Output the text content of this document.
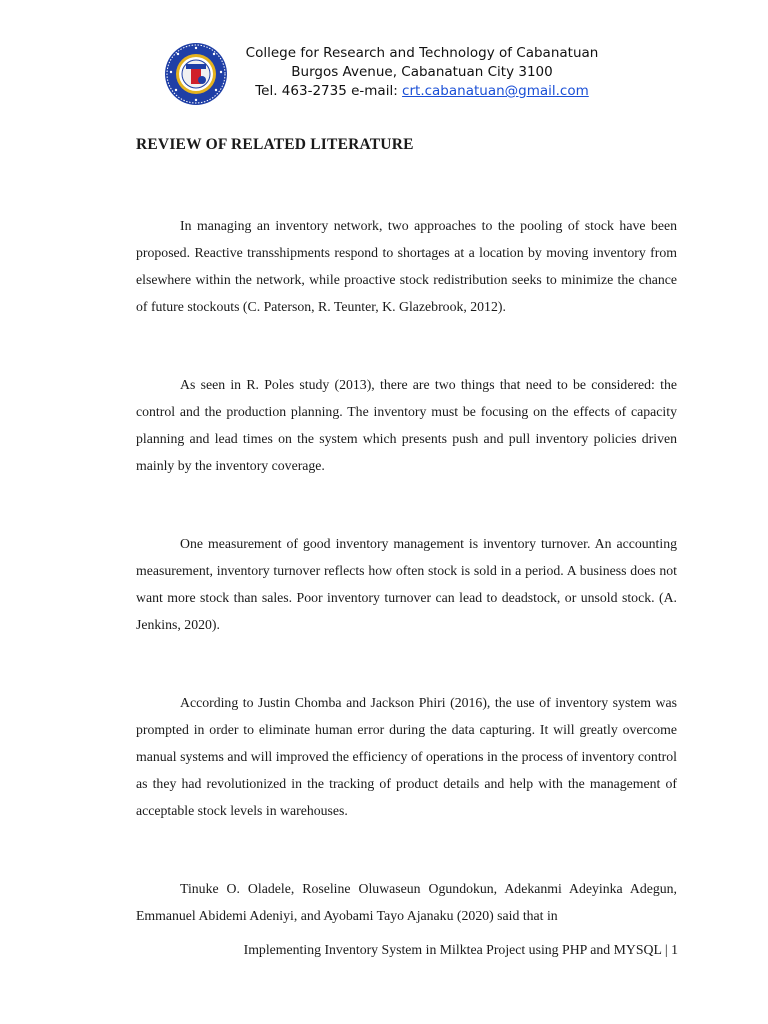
College for Research and Technology of Cabanatuan
Burgos Avenue, Cabanatuan City 3100
Tel. 463-2735 e-mail: crt.cabanatuan@gmail.com
REVIEW OF RELATED LITERATURE

In managing an inventory network, two approaches to the pooling of stock have been proposed. Reactive transshipments respond to shortages at a location by moving inventory from elsewhere within the network, while proactive stock redistribution seeks to minimize the chance of future stockouts (C. Paterson, R. Teunter, K. Glazebrook, 2012).

As seen in R. Poles study (2013), there are two things that need to be considered: the control and the production planning. The inventory must be focusing on the effects of capacity planning and lead times on the system which presents push and pull inventory policies driven mainly by the inventory coverage.

One measurement of good inventory management is inventory turnover. An accounting measurement, inventory turnover reflects how often stock is sold in a period. A business does not want more stock than sales. Poor inventory turnover can lead to deadstock, or unsold stock. (A. Jenkins, 2020).

According to Justin Chomba and Jackson Phiri (2016), the use of inventory system was prompted in order to eliminate human error during the data capturing. It will greatly overcome manual systems and will improved the efficiency of operations in the process of inventory control as they had revolutionized in the tracking of product details and help with the management of acceptable stock levels in warehouses.

Tinuke O. Oladele, Roseline Oluwaseun Ogundokun, Adekanmi Adeyinka Adegun, Emmanuel Abidemi Adeniyi, and Ayobami Tayo Ajanaku (2020) said that in

Implementing Inventory System in Milktea Project using PHP and MYSQL | 1
